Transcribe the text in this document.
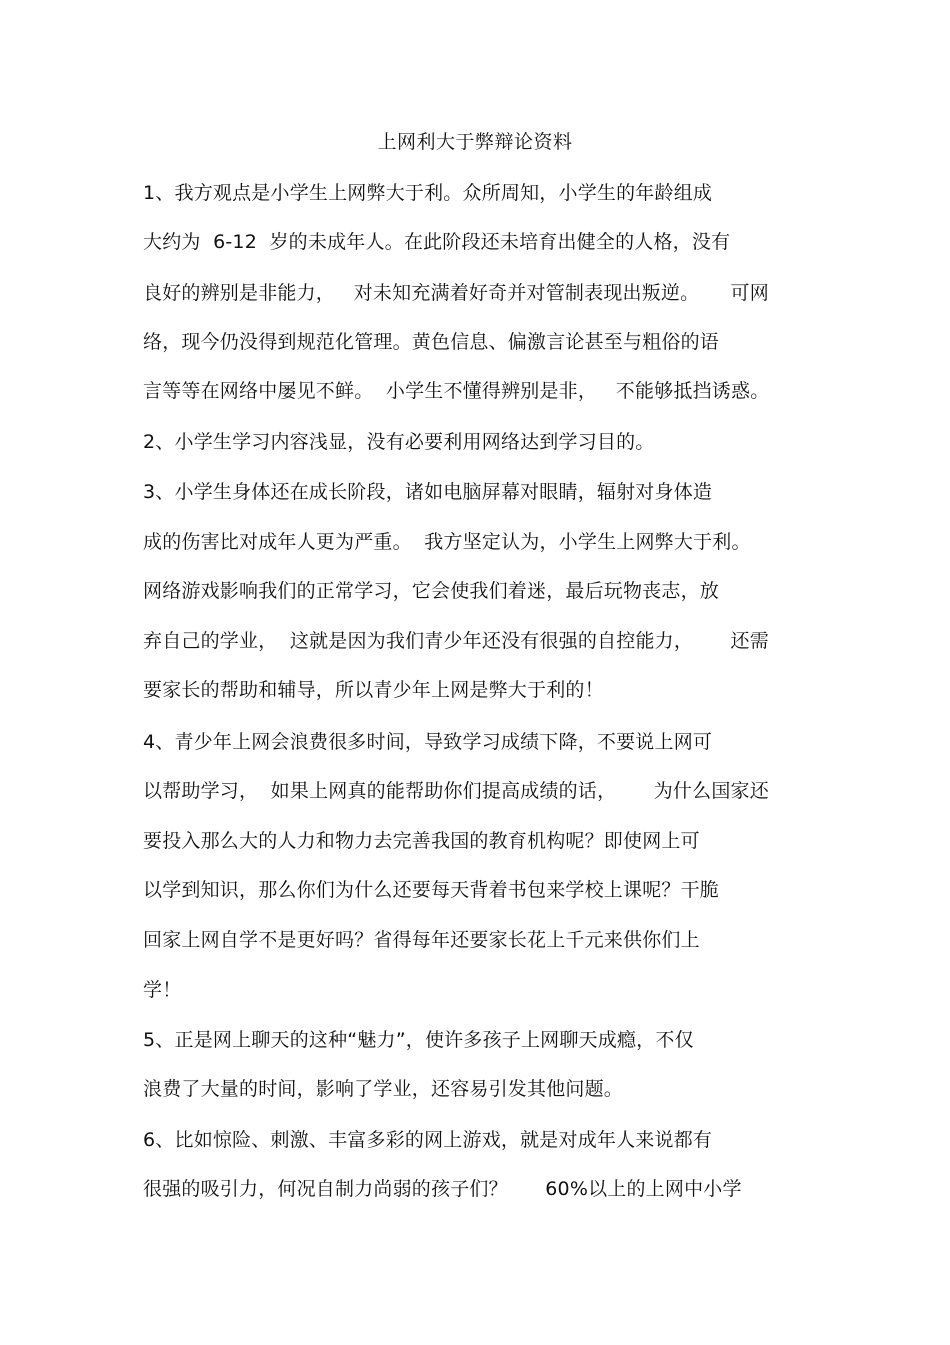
上网利大于弊辩论资料
1、我方观点是小学生上网弊大于利。众所周知，小学生的年龄组成
大约为  6-12  岁的未成年人。在此阶段还未培育出健全的人格，没有
良好的辨别是非能力，   对未知充满着好奇并对管制表现出叛逆。     可网
络，现今仍没得到规范化管理。黄色信息、偏激言论甚至与粗俗的语
言等等在网络中屡见不鲜。  小学生不懂得辨别是非，   不能够抵挡诱惑。
2、小学生学习内容浅显，没有必要利用网络达到学习目的。
3、小学生身体还在成长阶段，诸如电脑屏幕对眼睛，辐射对身体造
成的伤害比对成年人更为严重。  我方坚定认为，小学生上网弊大于利。
网络游戏影响我们的正常学习，它会使我们着迷，最后玩物丧志，放
弃自己的学业，  这就是因为我们青少年还没有很强的自控能力，      还需
要家长的帮助和辅导，所以青少年上网是弊大于利的！
4、青少年上网会浪费很多时间，导致学习成绩下降，不要说上网可
以帮助学习，  如果上网真的能帮助你们提高成绩的话，      为什么国家还
要投入那么大的人力和物力去完善我国的教育机构呢？即使网上可
以学到知识，那么你们为什么还要每天背着书包来学校上课呢？干脆
回家上网自学不是更好吗？省得每年还要家长花上千元来供你们上
学！
5、正是网上聊天的这种“魅力”，使许多孩子上网聊天成瘾，不仅
浪费了大量的时间，影响了学业，还容易引发其他问题。
6、比如惊险、刺激、丰富多彩的网上游戏，就是对成年人来说都有
很强的吸引力，何况自制力尚弱的孩子们？      60%以上的上网中小学
